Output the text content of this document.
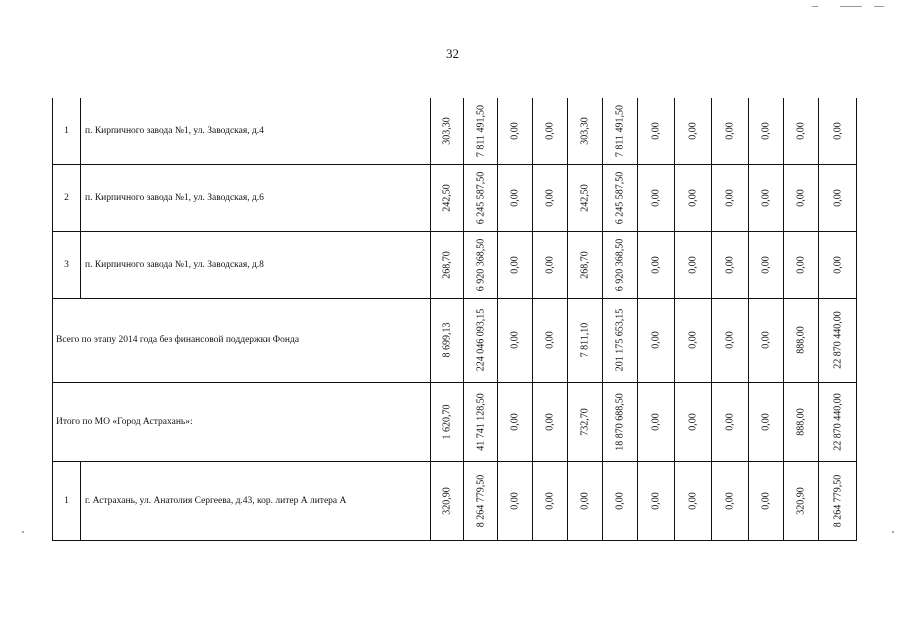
32
1	п. Кирпичного завода №1, ул. Заводская, д.4	303,30	7 811 491,50	0,00	0,00	303,30	7 811 491,50	0,00	0,00	0,00	0,00	0,00	0,00

2	п. Кирпичного завода №1, ул. Заводская, д.6	242,50	6 245 587,50	0,00	0,00	242,50	6 245 587,50	0,00	0,00	0,00	0,00	0,00	0,00

3	п. Кирпичного завода №1, ул. Заводская, д.8	268,70	6 920 368,50	0,00	0,00	268,70	6 920 368,50	0,00	0,00	0,00	0,00	0,00	0,00

Всего по этапу 2014 года без финансовой поддержки Фонда		8 699,13	224 046 093,15	0,00	0,00	7 811,10	201 175 653,15	0,00	0,00	0,00	0,00	888,00	22 870 440,00

Итого по МО «Город Астрахань»:		1 620,70	41 741 128,50	0,00	0,00	732,70	18 870 688,50	0,00	0,00	0,00	0,00	888,00	22 870 440,00

1	г. Астрахань, ул. Анатолия Сергеева, д.43, кор. литер А литера А	320,90	8 264 779,50	0,00	0,00	0,00	0,00	0,00	0,00	0,00	0,00	320,90	8 264 779,50
